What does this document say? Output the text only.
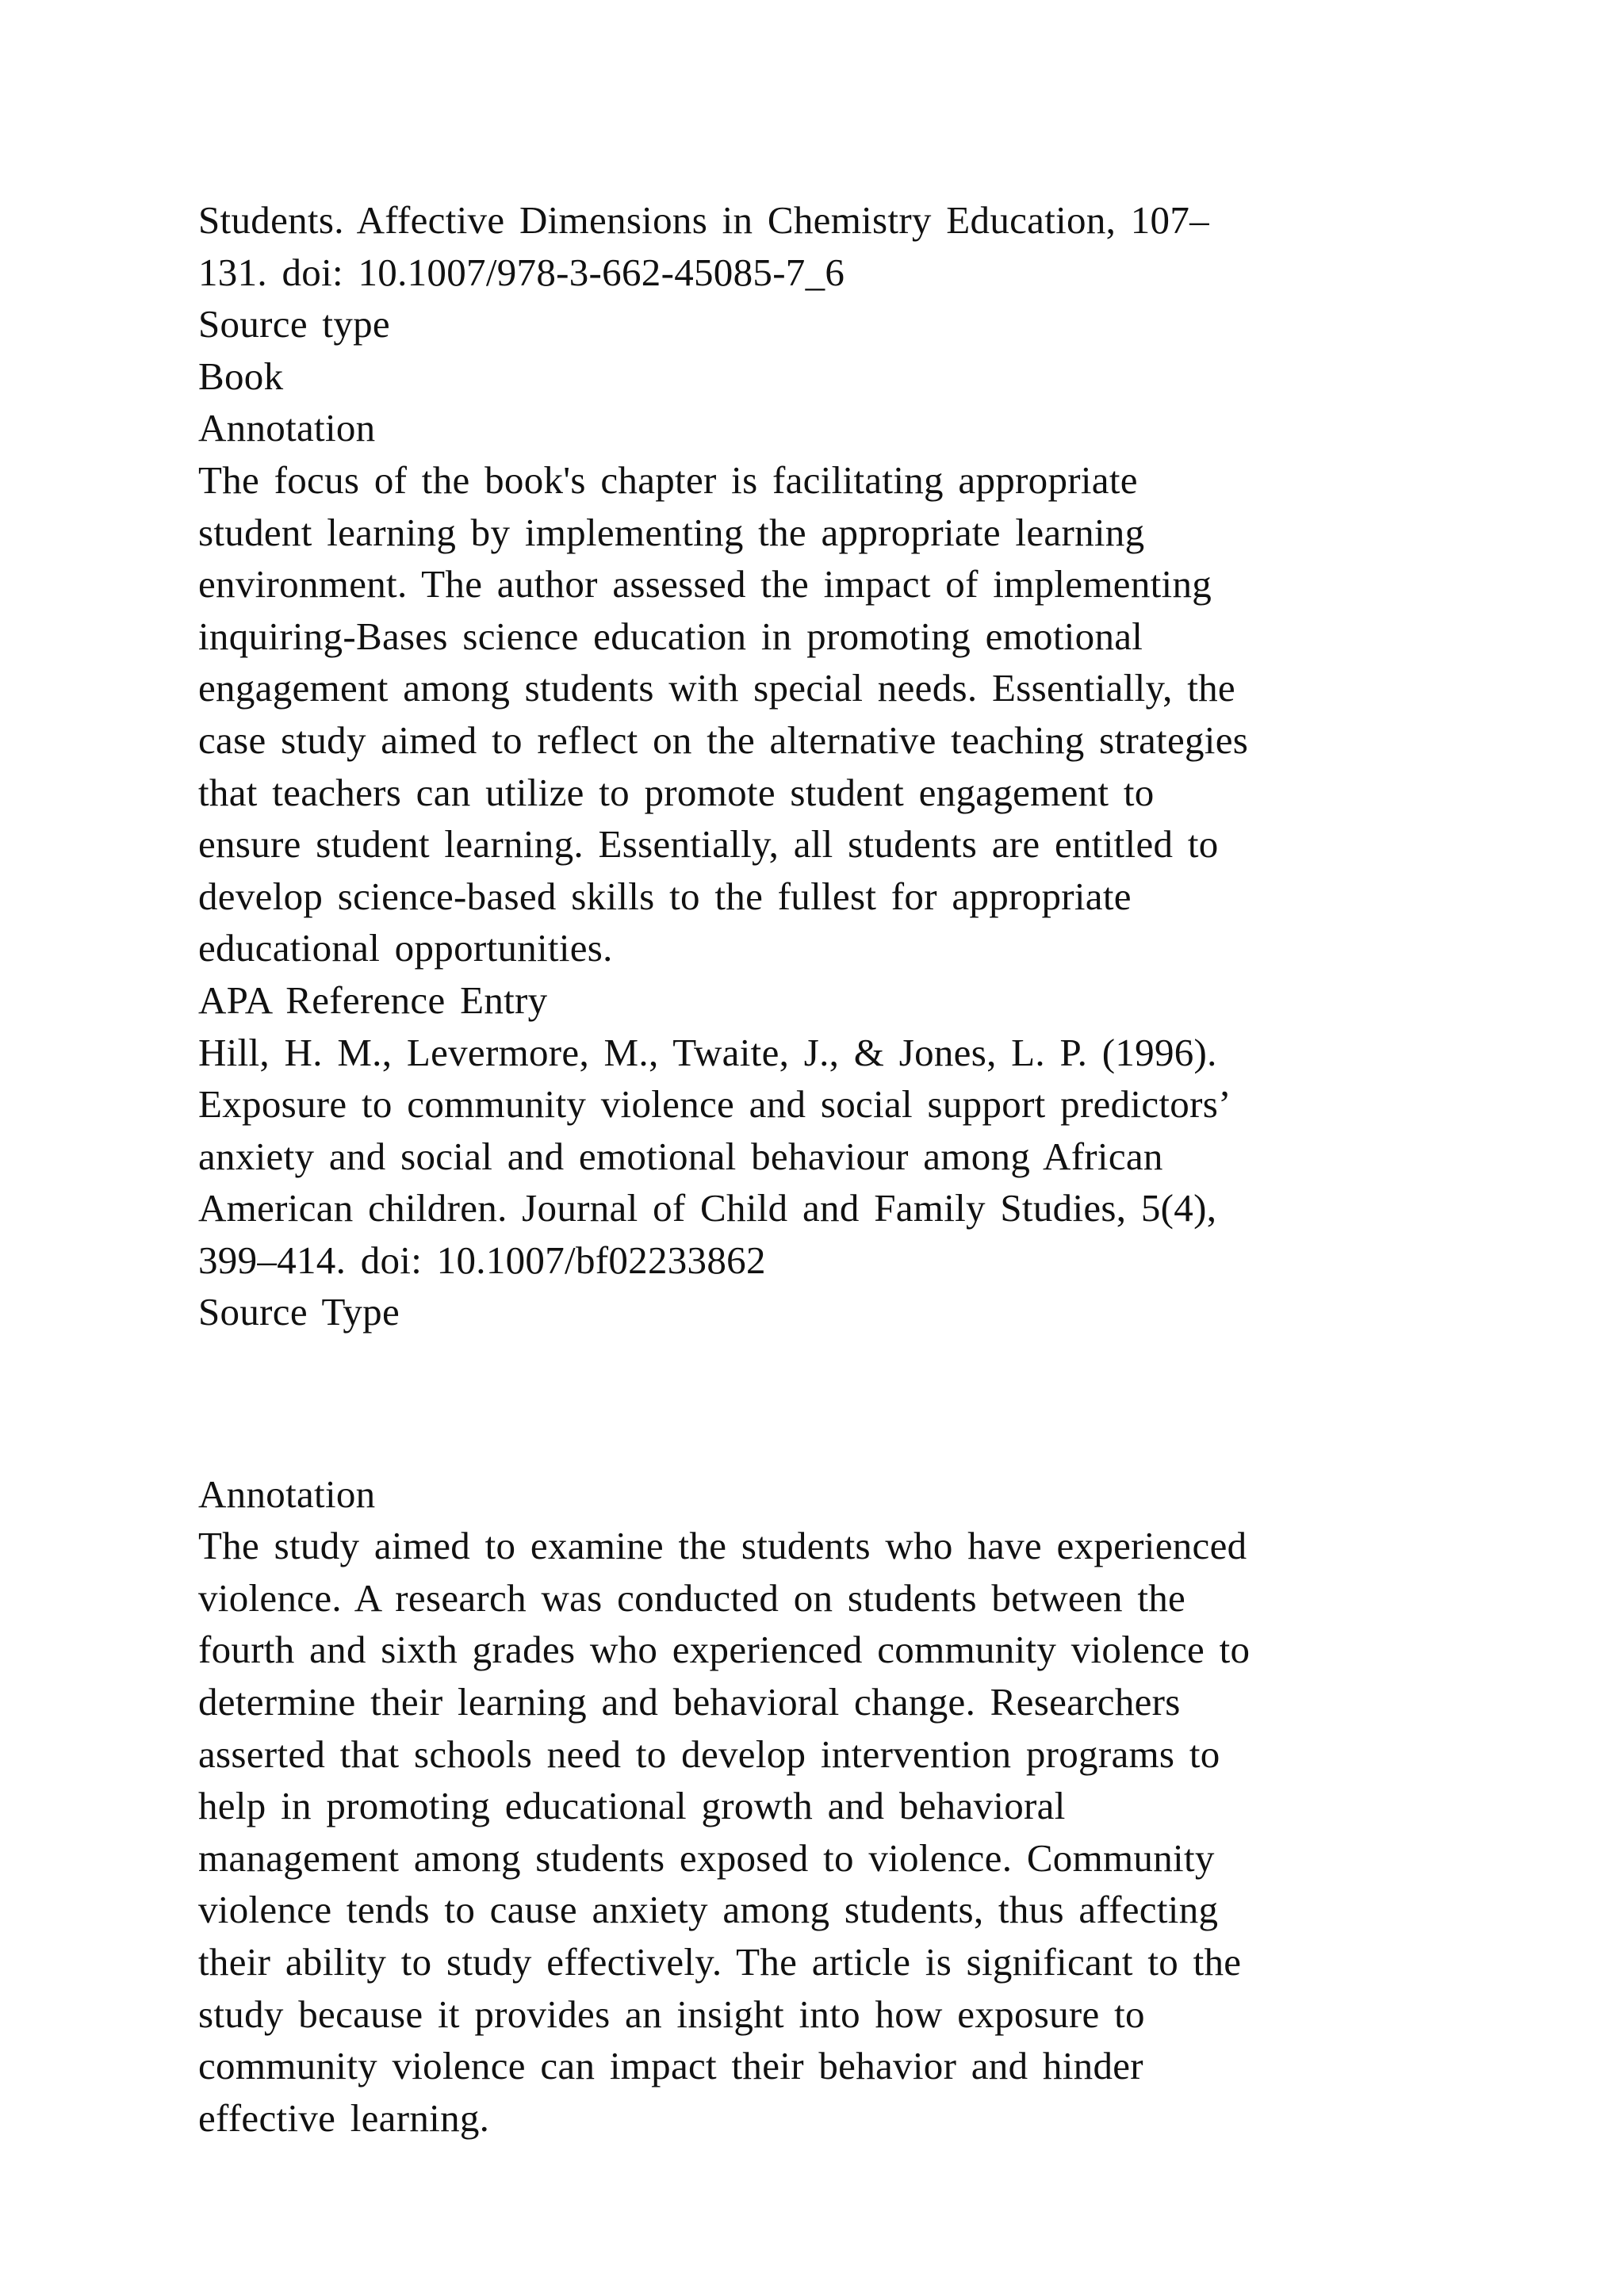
Students. Affective Dimensions in Chemistry Education, 107–

131. doi: 10.1007/978-3-662-45085-7_6

Source type

Book

Annotation

The focus of the book's chapter is facilitating appropriate

student learning by implementing the appropriate learning

environment. The author assessed the impact of implementing

inquiring-Bases science education in promoting emotional

engagement among students with special needs. Essentially, the

case study aimed to reflect on the alternative teaching strategies

that teachers can utilize to promote student engagement to

ensure student learning. Essentially, all students are entitled to

develop science-based skills to the fullest for appropriate

educational opportunities.

APA Reference Entry

Hill, H. M., Levermore, M., Twaite, J., & Jones, L. P. (1996).

Exposure to community violence and social support predictors’

anxiety and social and emotional behaviour among African

American children. Journal of Child and Family Studies, 5(4),

399–414. doi: 10.1007/bf02233862

Source Type

Annotation

The study aimed to examine the students who have experienced

violence. A research was conducted on students between the

fourth and sixth grades who experienced community violence to

determine their learning and behavioral change. Researchers

asserted that schools need to develop intervention programs to

help in promoting educational growth and behavioral

management among students exposed to violence. Community

violence tends to cause anxiety among students, thus affecting

their ability to study effectively. The article is significant to the

study because it provides an insight into how exposure to

community violence can impact their behavior and hinder

effective learning.
